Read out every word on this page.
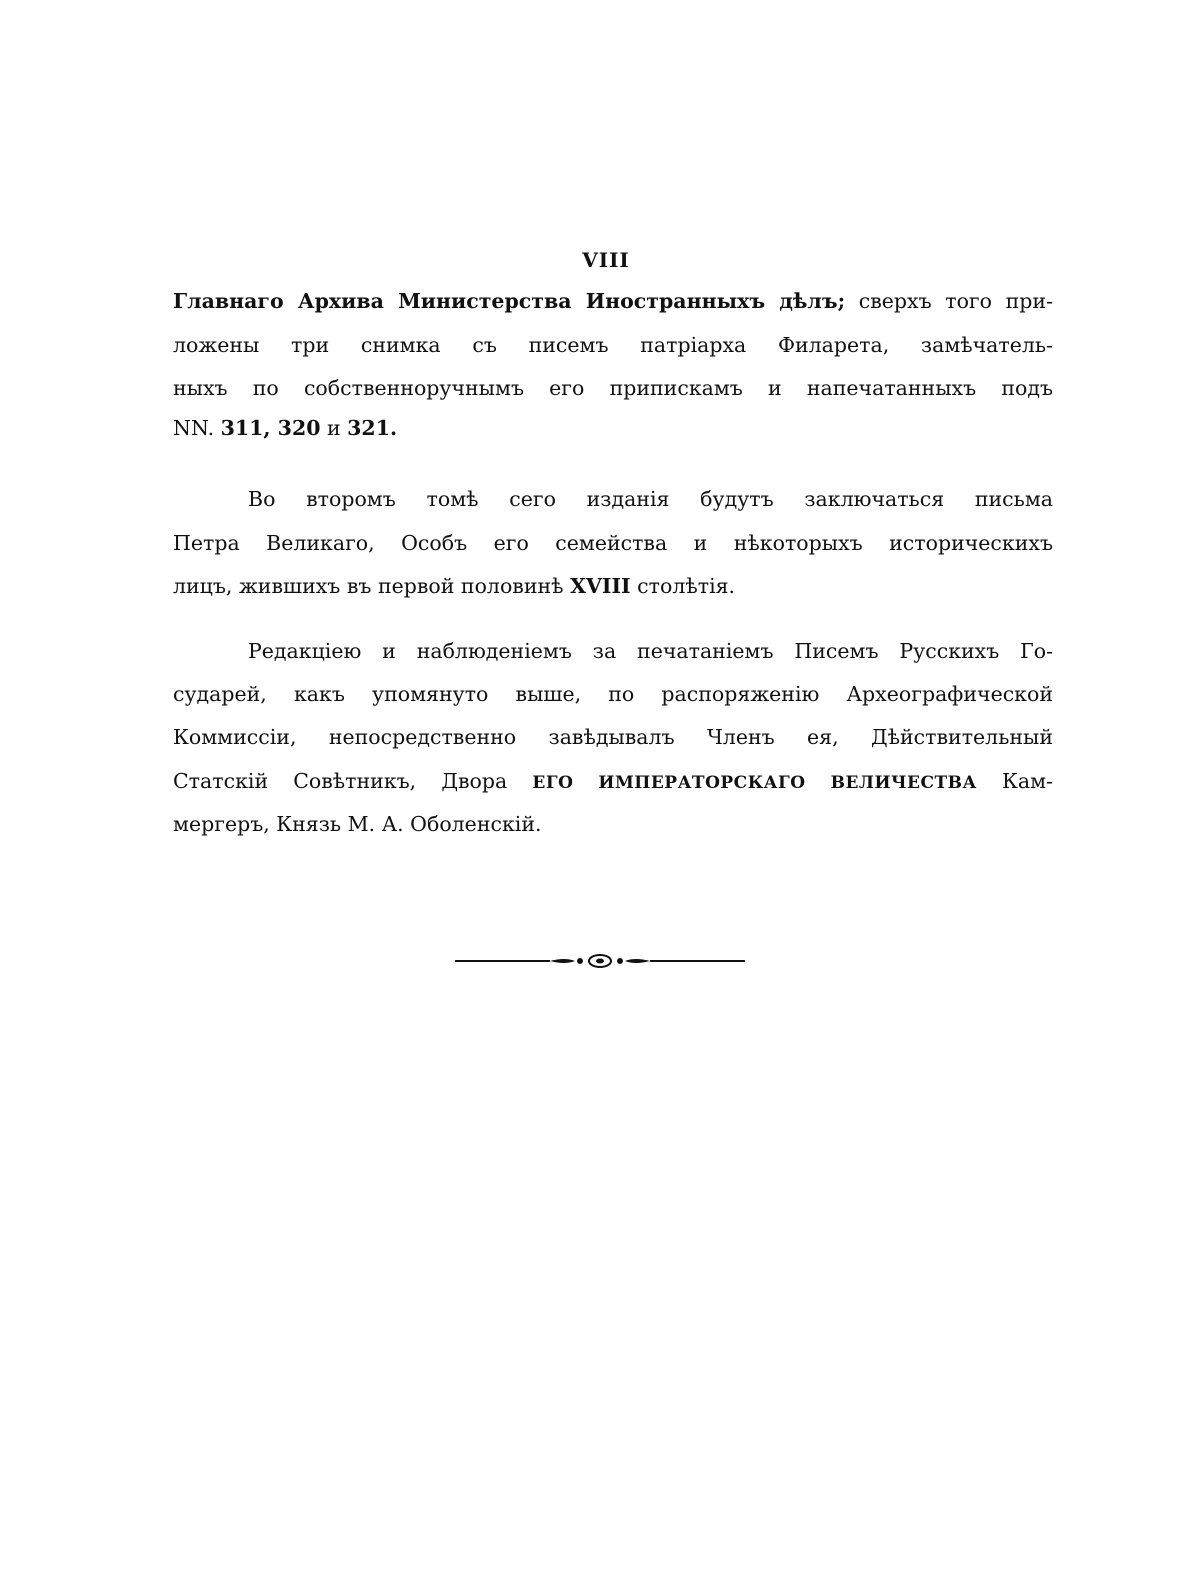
VIII
Главнаго Архива Министерства Иностранныхъ дѣлъ; сверхъ того при-
ложены три снимка съ писемъ патріарха Филарета, замѣчатель-
ныхъ по собственноручнымъ его припискамъ и напечатанныхъ подъ
NN. 311, 320 и 321.
Во второмъ томѣ сего изданія будутъ заключаться письма
Петра Великаго, Особъ его семейства и нѣкоторыхъ историческихъ
лицъ, жившихъ въ первой половинѣ XVIII столѣтія.
Редакціею и наблюденіемъ за печатаніемъ Писемъ Русскихъ Го-
сударей, какъ упомянуто выше, по распоряженію Археографической
Коммиссіи, непосредственно завѣдывалъ Членъ ея, Дѣйствительный
Статскій Совѣтникъ, Двора ЕГО ИМПЕРАТОРСКАГО ВЕЛИЧЕСТВА Кам-
мергеръ, Князь М. А. Оболенскій.
